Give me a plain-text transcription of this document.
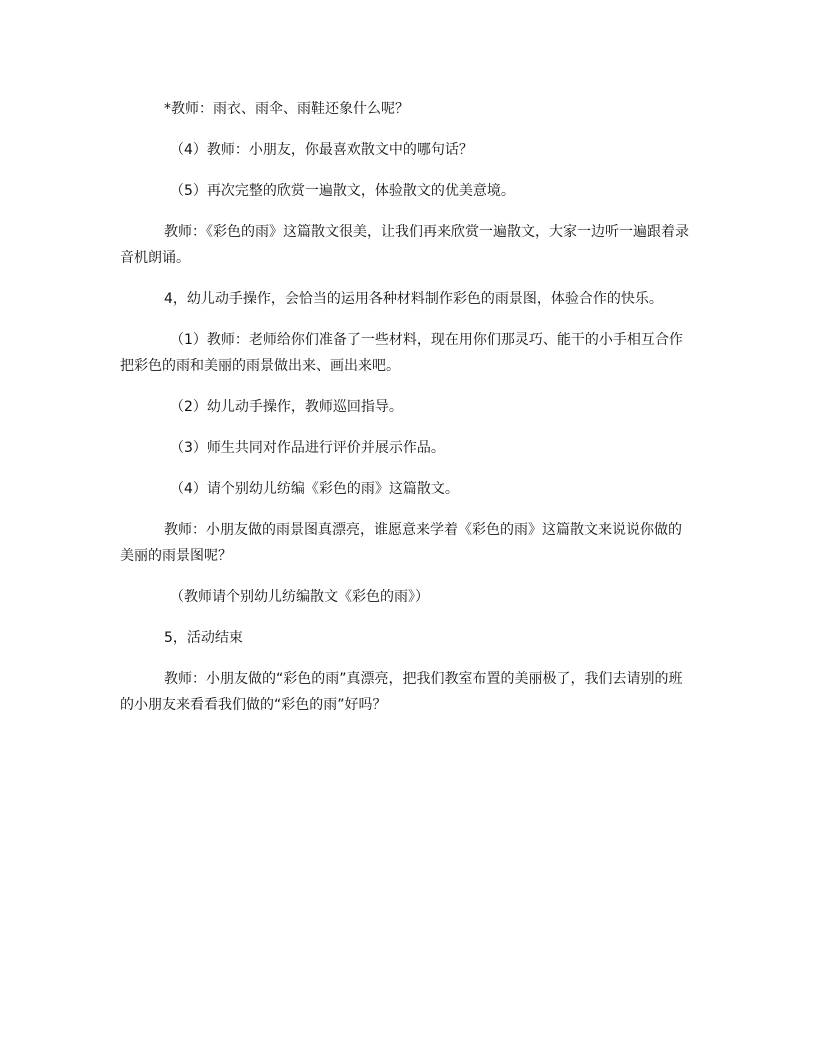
*教师：雨衣、雨伞、雨鞋还象什么呢？

（4）教师：小朋友，你最喜欢散文中的哪句话？

（5）再次完整的欣赏一遍散文，体验散文的优美意境。

教师：《彩色的雨》这篇散文很美，让我们再来欣赏一遍散文，大家一边听一遍跟着录音机朗诵。

4，幼儿动手操作，会恰当的运用各种材料制作彩色的雨景图，体验合作的快乐。

（1）教师：老师给你们准备了一些材料，现在用你们那灵巧、能干的小手相互合作把彩色的雨和美丽的雨景做出来、画出来吧。

（2）幼儿动手操作，教师巡回指导。

（3）师生共同对作品进行评价并展示作品。

（4）请个别幼儿纺编《彩色的雨》这篇散文。

教师：小朋友做的雨景图真漂亮，谁愿意来学着《彩色的雨》这篇散文来说说你做的美丽的雨景图呢？

（教师请个别幼儿纺编散文《彩色的雨》）

5，活动结束

教师：小朋友做的“彩色的雨”真漂亮，把我们教室布置的美丽极了，我们去请别的班的小朋友来看看我们做的“彩色的雨”好吗？
